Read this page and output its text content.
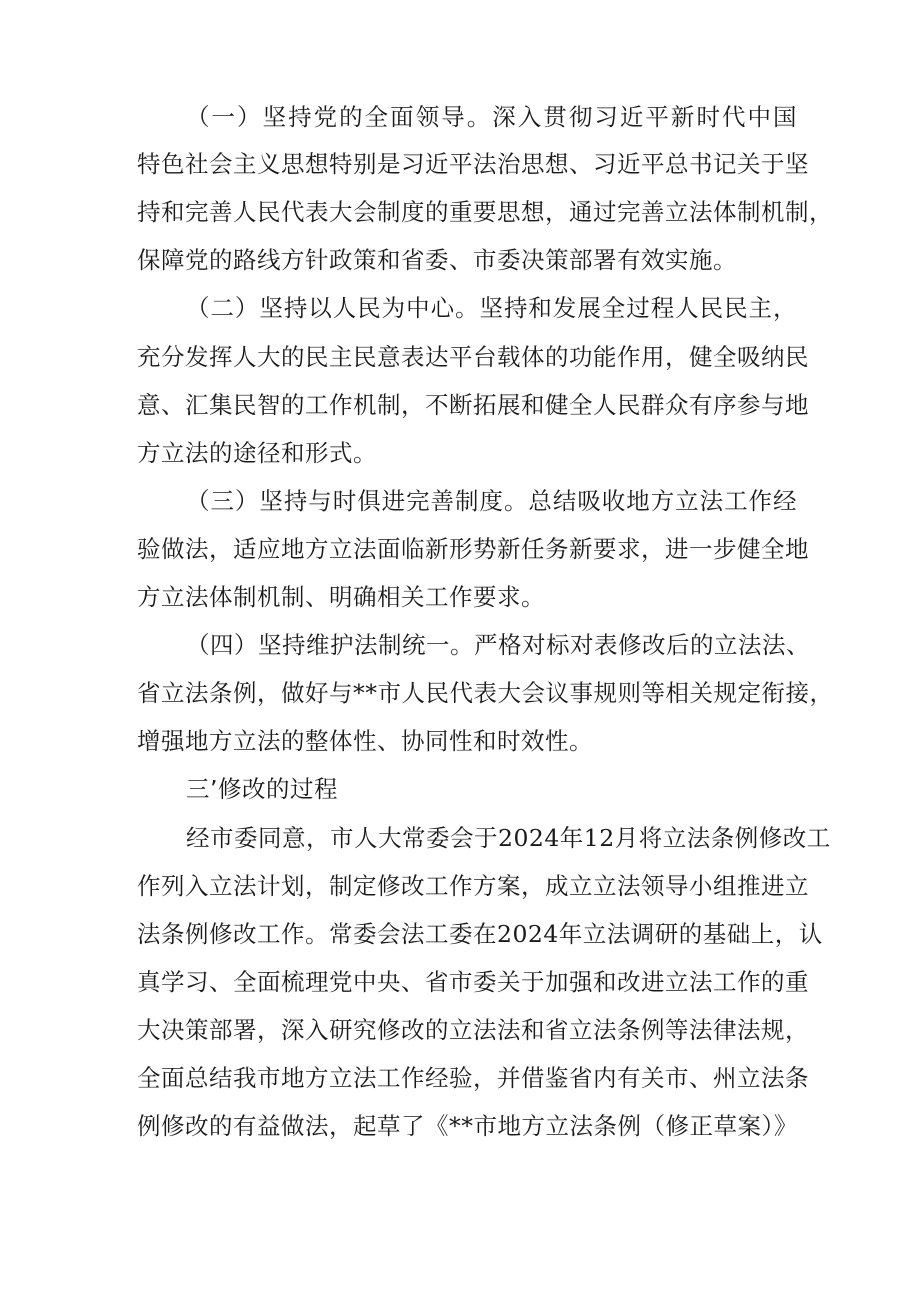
（一）坚持党的全面领导。深入贯彻习近平新时代中国
特色社会主义思想特别是习近平法治思想、习近平总书记关于坚
持和完善人民代表大会制度的重要思想，通过完善立法体制机制，
保障党的路线方针政策和省委、市委决策部署有效实施。
（二）坚持以人民为中心。坚持和发展全过程人民民主，
充分发挥人大的民主民意表达平台载体的功能作用，健全吸纳民
意、汇集民智的工作机制，不断拓展和健全人民群众有序参与地
方立法的途径和形式。
（三）坚持与时俱进完善制度。总结吸收地方立法工作经
验做法，适应地方立法面临新形势新任务新要求，进一步健全地
方立法体制机制、明确相关工作要求。
（四）坚持维护法制统一。严格对标对表修改后的立法法、
省立法条例，做好与**市人民代表大会议事规则等相关规定衔接，
增强地方立法的整体性、协同性和时效性。
三’修改的过程
经市委同意，市人大常委会于2024年12月将立法条例修改工
作列入立法计划，制定修改工作方案，成立立法领导小组推进立
法条例修改工作。常委会法工委在2024年立法调研的基础上，认
真学习、全面梳理党中央、省市委关于加强和改进立法工作的重
大决策部署，深入研究修改的立法法和省立法条例等法律法规，
全面总结我市地方立法工作经验，并借鉴省内有关市、州立法条
例修改的有益做法，起草了《**市地方立法条例（修正草案）》
